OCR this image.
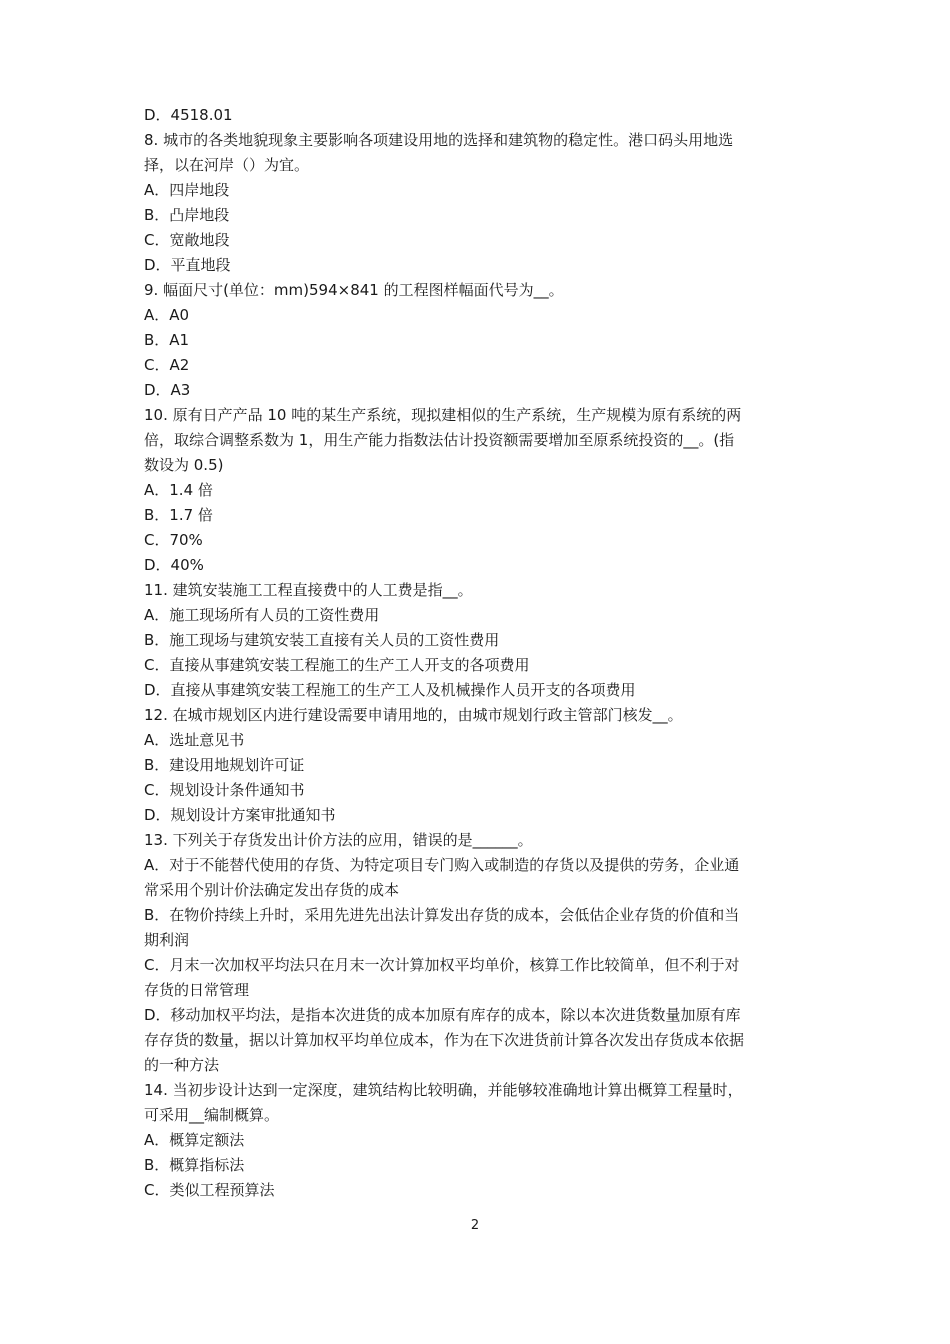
D．4518.01
8. 城市的各类地貌现象主要影响各项建设用地的选择和建筑物的稳定性。港口码头用地选
择，以在河岸（）为宜。
A．四岸地段
B．凸岸地段
C．宽敞地段
D．平直地段
9. 幅面尺寸(单位：mm)594×841 的工程图样幅面代号为__。
A．A0
B．A1
C．A2
D．A3
10. 原有日产产品 10 吨的某生产系统，现拟建相似的生产系统，生产规模为原有系统的两
倍，取综合调整系数为 1，用生产能力指数法估计投资额需要增加至原系统投资的__。(指
数设为 0.5)
A．1.4 倍
B．1.7 倍
C．70%
D．40%
11. 建筑安装施工工程直接费中的人工费是指__。
A．施工现场所有人员的工资性费用
B．施工现场与建筑安装工直接有关人员的工资性费用
C．直接从事建筑安装工程施工的生产工人开支的各项费用
D．直接从事建筑安装工程施工的生产工人及机械操作人员开支的各项费用
12. 在城市规划区内进行建设需要申请用地的，由城市规划行政主管部门核发__。
A．选址意见书
B．建设用地规划许可证
C．规划设计条件通知书
D．规划设计方案审批通知书
13. 下列关于存货发出计价方法的应用，错误的是______。
A．对于不能替代使用的存货、为特定项目专门购入或制造的存货以及提供的劳务，企业通
常采用个别计价法确定发出存货的成本
B．在物价持续上升时，采用先进先出法计算发出存货的成本，会低估企业存货的价值和当
期利润
C．月末一次加权平均法只在月末一次计算加权平均单价，核算工作比较简单，但不利于对
存货的日常管理
D．移动加权平均法，是指本次进货的成本加原有库存的成本，除以本次进货数量加原有库
存存货的数量，据以计算加权平均单位成本，作为在下次进货前计算各次发出存货成本依据
的一种方法
14. 当初步设计达到一定深度，建筑结构比较明确，并能够较准确地计算出概算工程量时，
可采用__编制概算。
A．概算定额法
B．概算指标法
C．类似工程预算法
2
